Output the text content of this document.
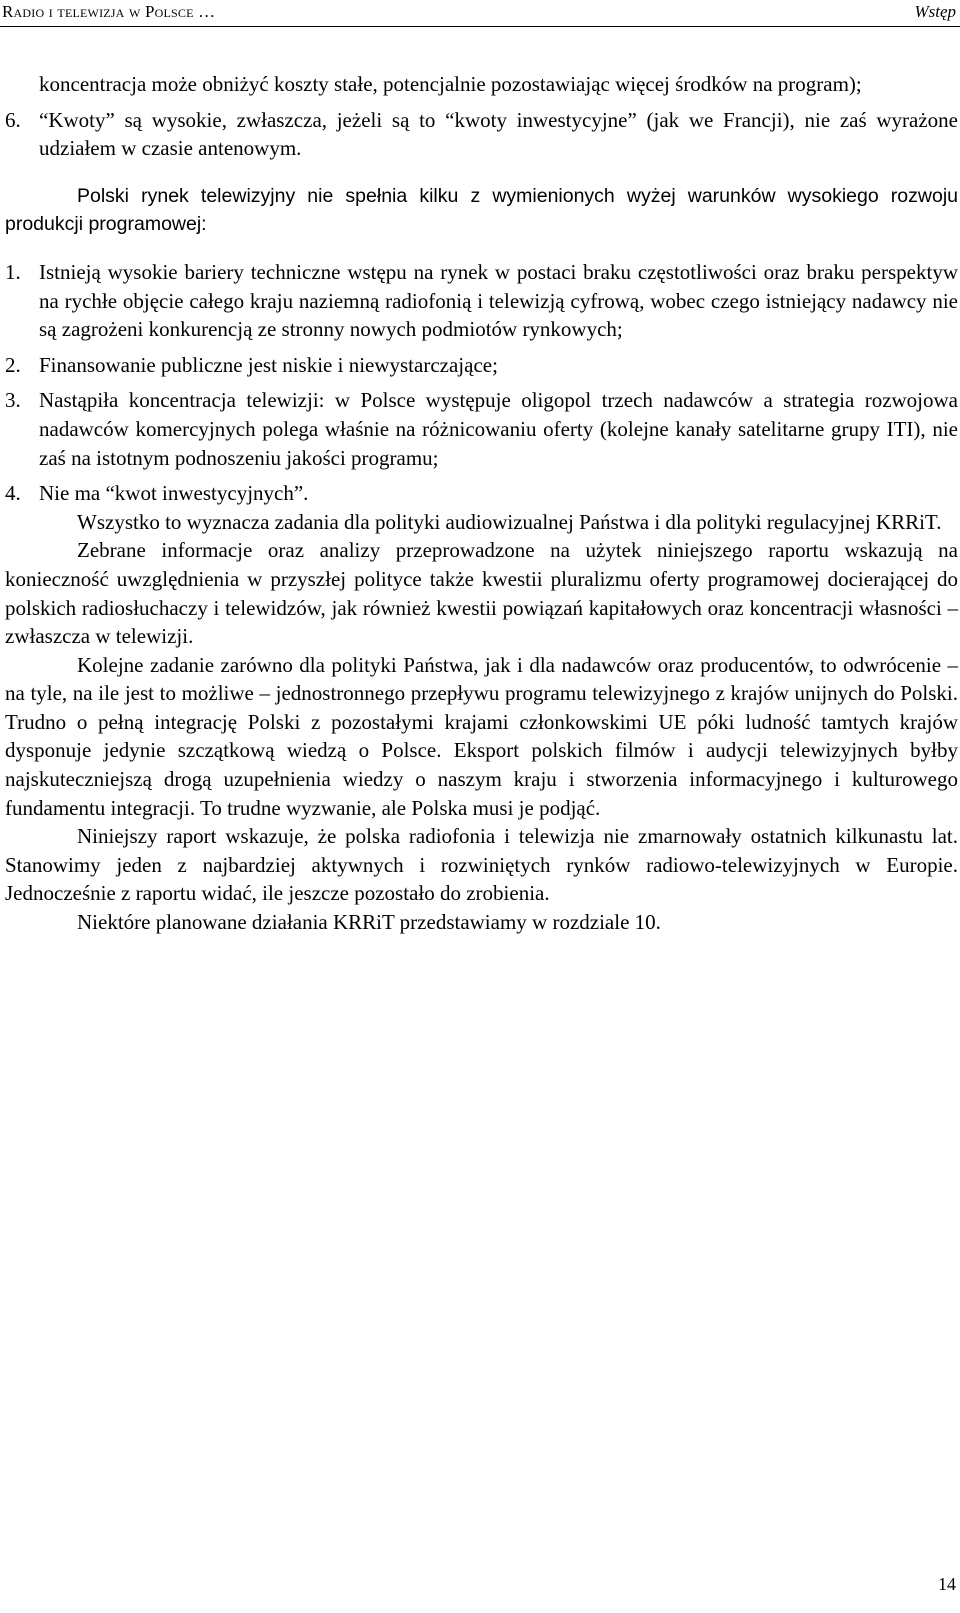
Radio i telewizja w Polsce …	Wstęp
koncentracja może obniżyć koszty stałe, potencjalnie pozostawiając więcej środków na program);
6. “Kwoty” są wysokie, zwłaszcza, jeżeli są to “kwoty inwestycyjne” (jak we Francji), nie zaś wyrażone udziałem w czasie antenowym.

Polski rynek telewizyjny nie spełnia kilku z wymienionych wyżej warunków wysokiego rozwoju produkcji programowej:

1. Istnieją wysokie bariery techniczne wstępu na rynek w postaci braku częstotliwości oraz braku perspektyw na rychłe objęcie całego kraju naziemną radiofonią i telewizją cyfrową, wobec czego istniejący nadawcy nie są zagrożeni konkurencją ze stronny nowych podmiotów rynkowych;
2. Finansowanie publiczne jest niskie i niewystarczające;
3. Nastąpiła koncentracja telewizji: w Polsce występuje oligopol trzech nadawców a strategia rozwojowa nadawców komercyjnych polega właśnie na różnicowaniu oferty (kolejne kanały satelitarne grupy ITI), nie zaś na istotnym podnoszeniu jakości programu;
4. Nie ma “kwot inwestycyjnych”.

Wszystko to wyznacza zadania dla polityki audiowizualnej Państwa i dla polityki regulacyjnej KRRiT.

Zebrane informacje oraz analizy przeprowadzone na użytek niniejszego raportu wskazują na konieczność uwzględnienia w przyszłej polityce także kwestii pluralizmu oferty programowej docierającej do polskich radiosłuchaczy i telewidzów, jak również kwestii powiązań kapitałowych oraz koncentracji własności – zwłaszcza w telewizji.

Kolejne zadanie zarówno dla polityki Państwa, jak i dla nadawców oraz producentów, to odwrócenie – na tyle, na ile jest to możliwe – jednostronnego przepływu programu telewizyjnego z krajów unijnych do Polski. Trudno o pełną integrację Polski z pozostałymi krajami członkowskimi UE póki ludność tamtych krajów dysponuje jedynie szczątkową wiedzą o Polsce. Eksport polskich filmów i audycji telewizyjnych byłby najskuteczniejszą drogą uzupełnienia wiedzy o naszym kraju i stworzenia informacyjnego i kulturowego fundamentu integracji. To trudne wyzwanie, ale Polska musi je podjąć.

Niniejszy raport wskazuje, że polska radiofonia i telewizja nie zmarnowały ostatnich kilkunastu lat. Stanowimy jeden z najbardziej aktywnych i rozwiniętych rynków radiowo-telewizyjnych w Europie. Jednocześnie z raportu widać, ile jeszcze pozostało do zrobienia.

Niektóre planowane działania KRRiT przedstawiamy w rozdziale 10.

14
